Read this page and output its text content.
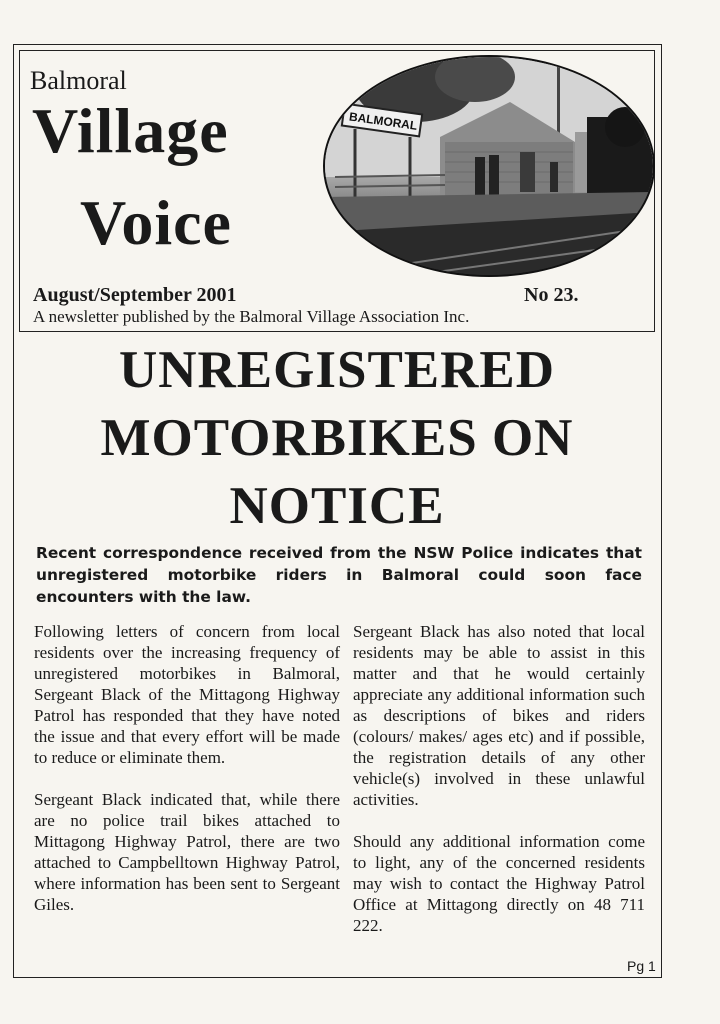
Balmoral
Village
Voice
BALMORAL
August/September 2001	No 23.
A newsletter published by the Balmoral Village Association Inc.
UNREGISTERED
MOTORBIKES ON
NOTICE
Recent correspondence received from the NSW Police indicates that unregistered motorbike riders in Balmoral could soon face encounters with the law.

Following letters of concern from local residents over the increasing frequency of unregistered motorbikes in Balmoral, Sergeant Black of the Mittagong Highway Patrol has responded that they have noted the issue and that every effort will be made to reduce or eliminate them.

Sergeant Black indicated that, while there are no police trail bikes attached to Mittagong Highway Patrol, there are two attached to Campbelltown Highway Patrol, where information has been sent to Sergeant Giles.

Sergeant Black has also noted that local residents may be able to assist in this matter and that he would certainly appreciate any additional information such as descriptions of bikes and riders (colours/ makes/ ages etc) and if possible, the registration details of any other vehicle(s) involved in these unlawful activities.

Should any additional information come to light, any of the concerned residents may wish to contact the Highway Patrol Office at Mittagong directly on 48 711 222.

Pg 1
